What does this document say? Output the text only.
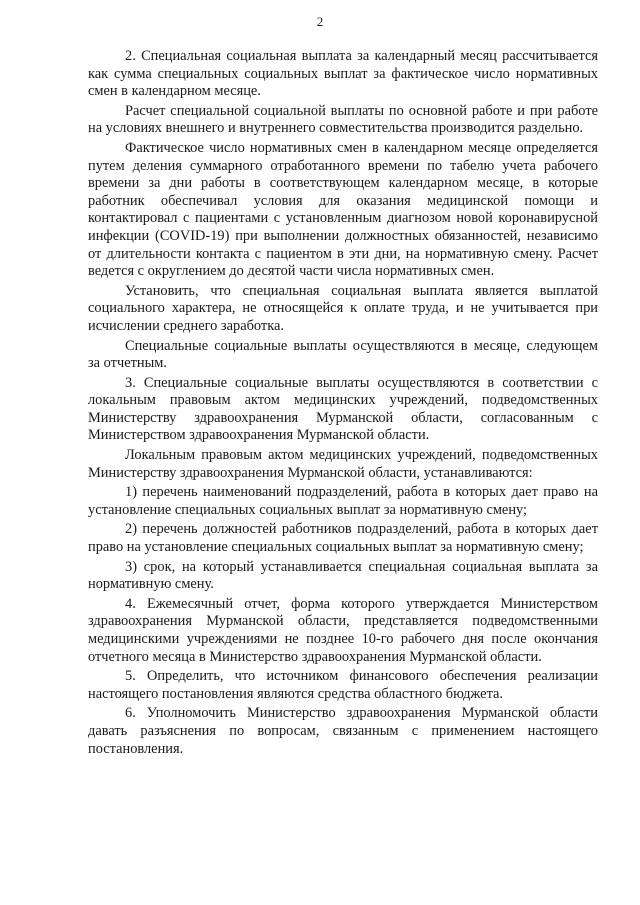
2

2. Специальная социальная выплата за календарный месяц рассчитывается как сумма специальных социальных выплат за фактическое число нормативных смен в календарном месяце.

Расчет специальной социальной выплаты по основной работе и при работе на условиях внешнего и внутреннего совместительства производится раздельно.

Фактическое число нормативных смен в календарном месяце определяется путем деления суммарного отработанного времени по табелю учета рабочего времени за дни работы в соответствующем календарном месяце, в которые работник обеспечивал условия для оказания медицинской помощи и контактировал с пациентами с установленным диагнозом новой коронавирусной инфекции (COVID-19) при выполнении должностных обязанностей, независимо от длительности контакта с пациентом в эти дни, на нормативную смену. Расчет ведется с округлением до десятой части числа нормативных смен.

Установить, что специальная социальная выплата является выплатой социального характера, не относящейся к оплате труда, и не учитывается при исчислении среднего заработка.

Специальные социальные выплаты осуществляются в месяце, следующем за отчетным.

3. Специальные социальные выплаты осуществляются в соответствии с локальным правовым актом медицинских учреждений, подведомственных Министерству здравоохранения Мурманской области, согласованным с Министерством здравоохранения Мурманской области.

Локальным правовым актом медицинских учреждений, подведомственных Министерству здравоохранения Мурманской области, устанавливаются:

1) перечень наименований подразделений, работа в которых дает право на установление специальных социальных выплат за нормативную смену;

2) перечень должностей работников подразделений, работа в которых дает право на установление специальных социальных выплат за нормативную смену;

3) срок, на который устанавливается специальная социальная выплата за нормативную смену.

4. Ежемесячный отчет, форма которого утверждается Министерством здравоохранения Мурманской области, представляется подведомственными медицинскими учреждениями не позднее 10-го рабочего дня после окончания отчетного месяца в Министерство здравоохранения Мурманской области.

5. Определить, что источником финансового обеспечения реализации настоящего постановления являются средства областного бюджета.

6. Уполномочить Министерство здравоохранения Мурманской области давать разъяснения по вопросам, связанным с применением настоящего постановления.
